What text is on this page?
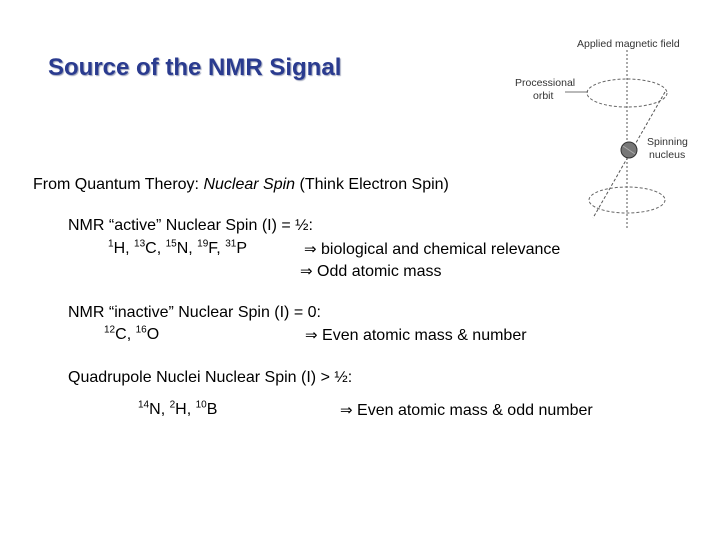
Source of the NMR Signal
Applied magnetic field
Processional
orbit
Spinning
nucleus
From Quantum Theroy: Nuclear Spin (Think Electron Spin)
NMR “active” Nuclear Spin (I) = ½:
$^1$H, $^{13}$C, $^{15}$N, $^{19}$F, $^{31}$P	⇒ biological and chemical relevance
⇒ Odd atomic mass
NMR “inactive” Nuclear Spin (I) = 0:
$^{12}$C, $^{16}$O	⇒ Even atomic mass & number
Quadrupole Nuclei Nuclear Spin (I) > ½:
$^{14}$N, $^2$H, $^{10}$B	⇒ Even atomic mass & odd number
